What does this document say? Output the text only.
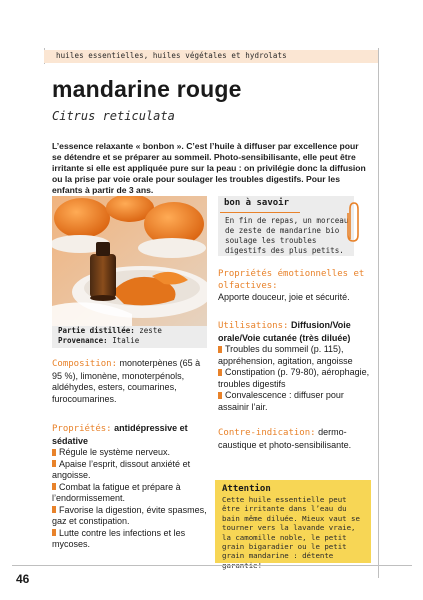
huiles essentielles, huiles végétales et hydrolats
mandarine rouge
Citrus reticulata
L’essence relaxante « bonbon ». C’est l’huile à diffuser par excellence pour se détendre et se préparer au sommeil. Photo-sensibilisante, elle peut être irritante si elle est appliquée pure sur la peau : on privilégie donc la diffusion ou la prise par voie orale pour soulager les troubles digestifs. Pour les enfants à partir de 3 ans.
Partie distillée: zeste
Provenance: Italie
Composition: monoterpènes (65 à 95 %), limonène, monoterpénols, aldéhydes, esters, coumarines, furocoumarines.
Propriétés: antidépressive et sédative
Régule le système nerveux.
Apaise l’esprit, dissout anxiété et angoisse.
Combat la fatigue et prépare à l’endormissement.
Favorise la digestion, évite spasmes, gaz et constipation.
Lutte contre les infections et les mycoses.
bon à savoir
En fin de repas, un morceau de zeste de mandarine bio soulage les troubles digestifs des plus petits.
Propriétés émotionnelles et olfactives:
Apporte douceur, joie et sécurité.
Utilisations: Diffusion/Voie orale/Voie cutanée (très diluée)
Troubles du sommeil (p. 115), appréhension, agitation, angoisse
Constipation (p. 79-80), aérophagie, troubles digestifs
Convalescence : diffuser pour assainir l’air.
Contre-indication: dermo-caustique et photo-sensibilisante.
Attention
Cette huile essentielle peut être irritante dans l’eau du bain même diluée. Mieux vaut se tourner vers la lavande vraie, la camomille noble, le petit grain bigaradier ou le petit grain mandarine : détente
46
